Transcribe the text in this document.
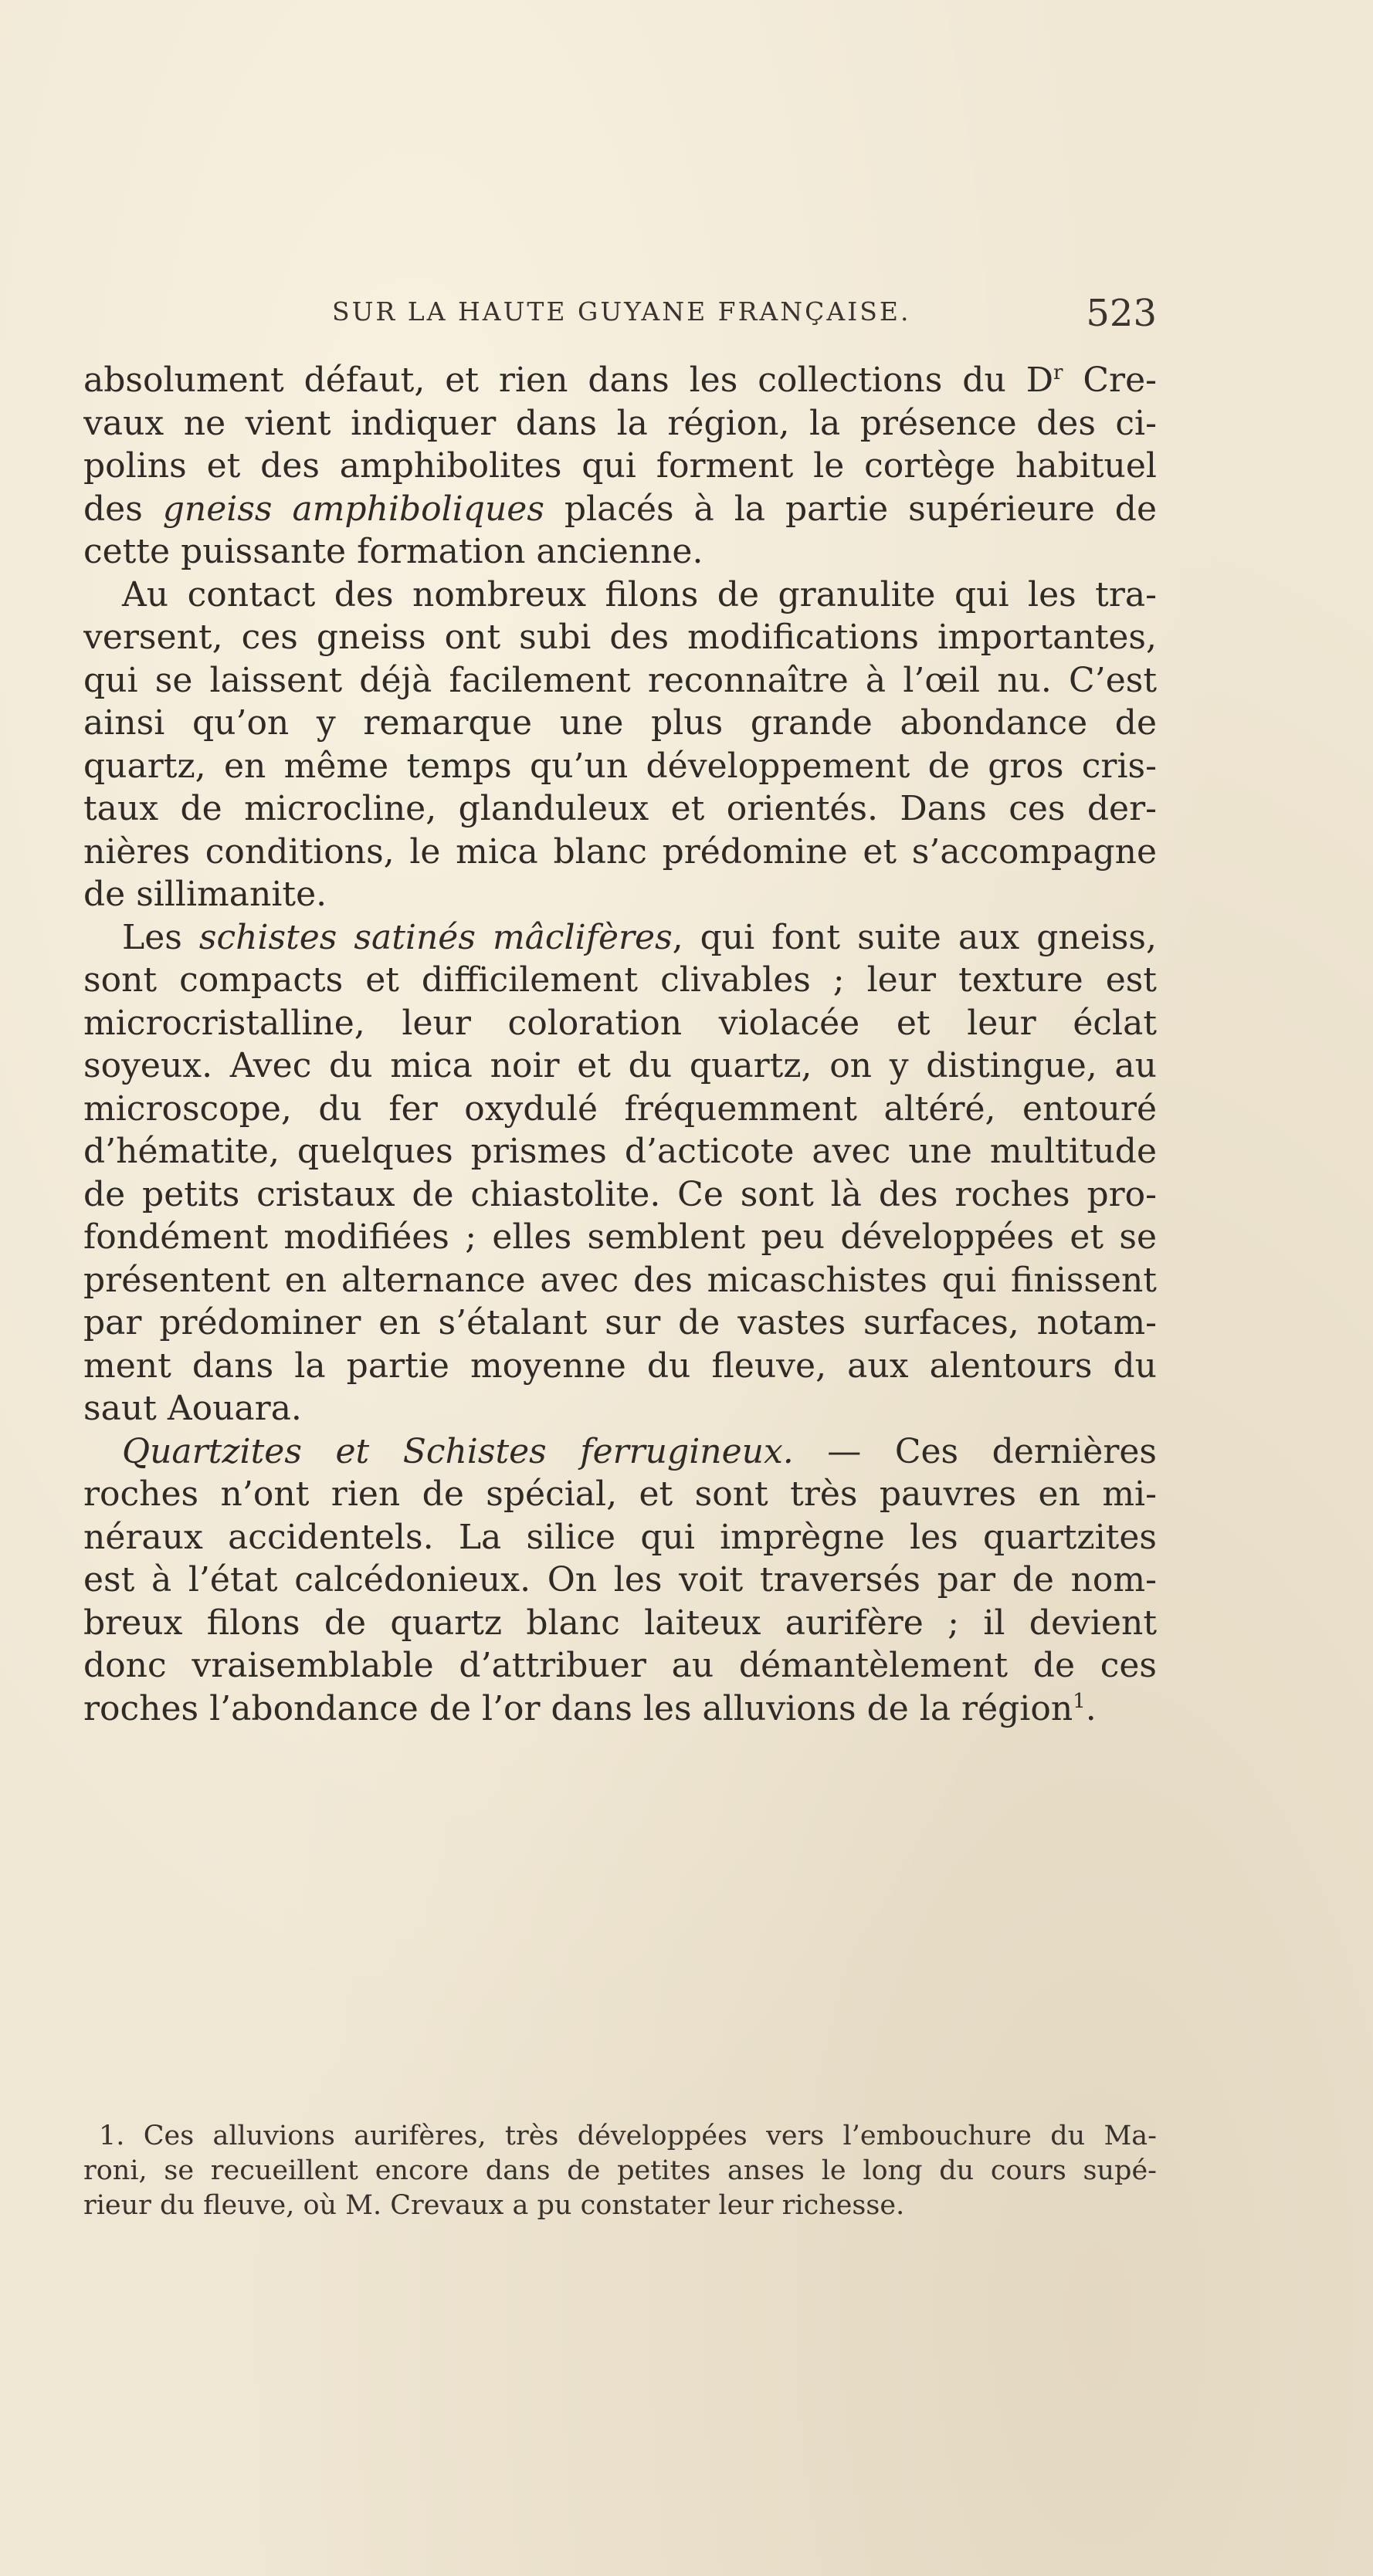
SUR LA HAUTE GUYANE FRANÇAISE.	523
absolument défaut, et rien dans les collections du $D^r$ Cre-
vaux ne vient indiquer dans la région, la présence des ci-
polins et des amphibolites qui forment le cortège habituel
des gneiss amphiboliques placés à la partie supérieure de
cette puissante formation ancienne.
Au contact des nombreux filons de granulite qui les tra-
versent, ces gneiss ont subi des modifications importantes,
qui se laissent déjà facilement reconnaître à l’œil nu. C’est
ainsi qu’on y remarque une plus grande abondance de
quartz, en même temps qu’un développement de gros cris-
taux de microcline, glanduleux et orientés. Dans ces der-
nières conditions, le mica blanc prédomine et s’accompagne
de sillimanite.
Les schistes satinés mâclifères, qui font suite aux gneiss,
sont compacts et difficilement clivables ; leur texture est
microcristalline, leur coloration violacée et leur éclat
soyeux. Avec du mica noir et du quartz, on y distingue, au
microscope, du fer oxydulé fréquemment altéré, entouré
d’hématite, quelques prismes d’acticote avec une multitude
de petits cristaux de chiastolite. Ce sont là des roches pro-
fondément modifiées ; elles semblent peu développées et se
présentent en alternance avec des micaschistes qui finissent
par prédominer en s’étalant sur de vastes surfaces, notam-
ment dans la partie moyenne du fleuve, aux alentours du
saut Aouara.
Quartzites et Schistes ferrugineux. — Ces dernières
roches n’ont rien de spécial, et sont très pauvres en mi-
néraux accidentels. La silice qui imprègne les quartzites
est à l’état calcédonieux. On les voit traversés par de nom-
breux filons de quartz blanc laiteux aurifère ; il devient
donc vraisemblable d’attribuer au démantèlement de ces
roches l’abondance de l’or dans les alluvions de la région$^1$.
1. Ces alluvions aurifères, très développées vers l’embouchure du Ma-
roni, se recueillent encore dans de petites anses le long du cours supé-
rieur du fleuve, où M. Crevaux a pu constater leur richesse.
